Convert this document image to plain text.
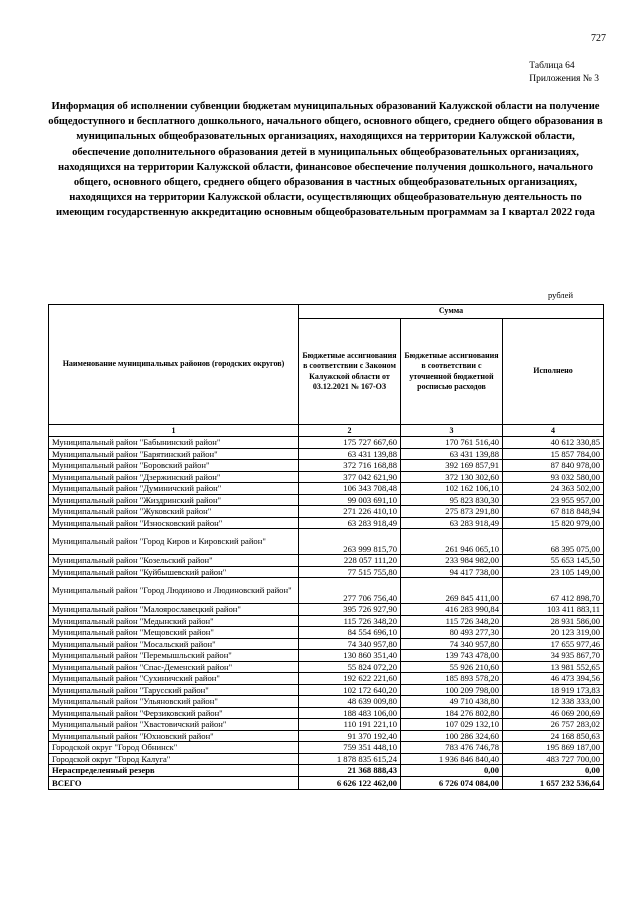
727
Таблица 64
Приложения № 3
Информация об исполнении субвенции бюджетам муниципальных образований Калужской области на получение общедоступного и бесплатного дошкольного, начального общего, основного общего, среднего общего образования в муниципальных общеобразовательных организациях, находящихся на территории Калужской области, обеспечение дополнительного образования детей в муниципальных общеобразовательных организациях, находящихся на территории Калужской области, финансовое обеспечение получения дошкольного, начального общего, основного общего, среднего общего образования в частных общеобразовательных организациях, находящихся на территории Калужской области, осуществляющих общеобразовательную деятельность по имеющим государственную аккредитацию основным общеобразовательным программам за I квартал 2022 года
рублей
Наименование муниципальных районов (городских округов)	Сумма		
	Бюджетные ассигнования в соответствии с Законом Калужской области от 03.12.2021 № 167-ОЗ	Бюджетные ассигнования в соответствии с уточненной бюджетной росписью расходов	Исполнено
1	2	3	4
Муниципальный район "Бабынинский район"	175 727 667,60	170 761 516,40	40 612 330,85
Муниципальный район "Барятинский район"	63 431 139,88	63 431 139,88	15 857 784,00
Муниципальный район "Боровский район"	372 716 168,88	392 169 857,91	87 840 978,00
Муниципальный район "Дзержинский район"	377 042 621,90	372 130 302,60	93 032 580,00
Муниципальный район "Думиничский район"	106 343 708,48	102 162 106,10	24 363 502,00
Муниципальный район "Жиздринский район"	99 003 691,10	95 823 830,30	23 955 957,00
Муниципальный район "Жуковский район"	271 226 410,10	275 873 291,80	67 818 848,94
Муниципальный район "Износковский район"	63 283 918,49	63 283 918,49	15 820 979,00
Муниципальный район "Город Киров и Кировский район"	263 999 815,70	261 946 065,10	68 395 075,00
Муниципальный район "Козельский район"	228 057 111,20	233 984 982,00	55 653 145,50
Муниципальный район "Куйбышевский район"	77 515 755,80	94 417 738,00	23 105 149,00
Муниципальный район "Город Людиново и Людиновский район"	277 706 756,40	269 845 411,00	67 412 898,70
Муниципальный район "Малоярославецкий район"	395 726 927,90	416 283 990,84	103 411 883,11
Муниципальный район "Медынский район"	115 726 348,20	115 726 348,20	28 931 586,00
Муниципальный район "Мещовский район"	84 554 696,10	80 493 277,30	20 123 319,00
Муниципальный район "Мосальский район"	74 340 957,80	74 340 957,80	17 655 977,46
Муниципальный район "Перемышльский район"	130 860 351,40	139 743 478,00	34 935 867,70
Муниципальный район "Спас-Деменский район"	55 824 072,20	55 926 210,60	13 981 552,65
Муниципальный район "Сухиничский район"	192 622 221,60	185 893 578,20	46 473 394,56
Муниципальный район "Тарусский район"	102 172 640,20	100 209 798,00	18 919 173,83
Муниципальный район "Ульяновский район"	48 639 009,80	49 710 438,80	12 338 333,00
Муниципальный район "Ферзиковский район"	188 483 106,00	184 276 802,80	46 069 200,69
Муниципальный район "Хвастовичский район"	110 191 221,10	107 029 132,10	26 757 283,02
Муниципальный район "Юхновский район"	91 370 192,40	100 286 324,60	24 168 850,63
Городской округ "Город Обнинск"	759 351 448,10	783 476 746,78	195 869 187,00
Городской округ "Город Калуга"	1 878 835 615,24	1 936 846 840,40	483 727 700,00
Нераспределенный резерв	21 368 888,43	0,00	0,00
ВСЕГО	6 626 122 462,00	6 726 074 084,00	1 657 232 536,64
